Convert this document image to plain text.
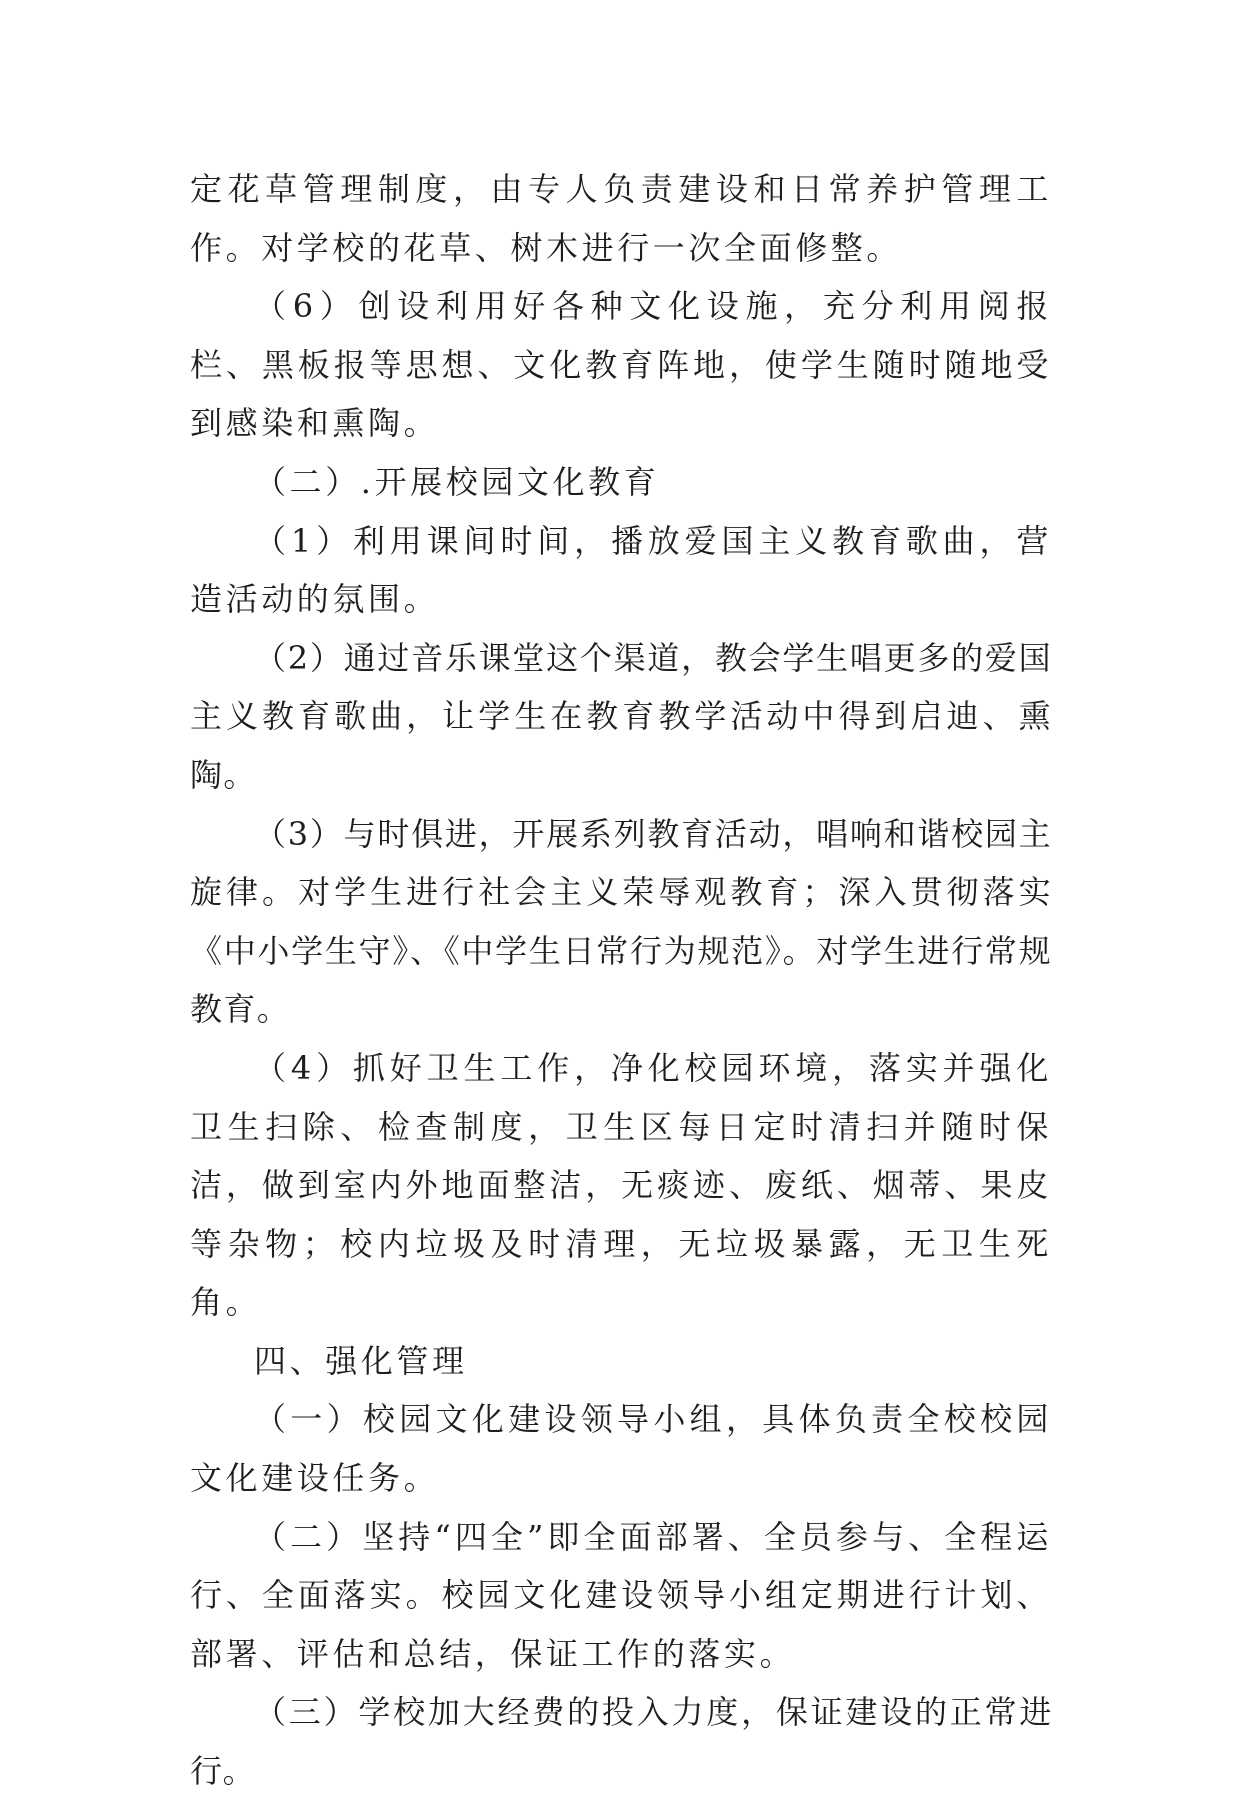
定花草管理制度，由专人负责建设和日常养护管理工作。对学校的花草、树木进行一次全面修整。

（6）创设利用好各种文化设施，充分利用阅报栏、黑板报等思想、文化教育阵地，使学生随时随地受到感染和熏陶。

（二）.开展校园文化教育

（1）利用课间时间，播放爱国主义教育歌曲，营造活动的氛围。

（2）通过音乐课堂这个渠道，教会学生唱更多的爱国主义教育歌曲，让学生在教育教学活动中得到启迪、熏陶。

（3）与时俱进，开展系列教育活动，唱响和谐校园主旋律。对学生进行社会主义荣辱观教育；深入贯彻落实《中小学生守》、《中学生日常行为规范》。对学生进行常规教育。

（4）抓好卫生工作，净化校园环境，落实并强化卫生扫除、检查制度，卫生区每日定时清扫并随时保洁，做到室内外地面整洁，无痰迹、废纸、烟蒂、果皮等杂物；校内垃圾及时清理，无垃圾暴露，无卫生死角。

四、强化管理

（一）校园文化建设领导小组，具体负责全校校园文化建设任务。

（二）坚持“四全”即全面部署、全员参与、全程运行、全面落实。校园文化建设领导小组定期进行计划、部署、评估和总结，保证工作的落实。

（三）学校加大经费的投入力度，保证建设的正常进行。
